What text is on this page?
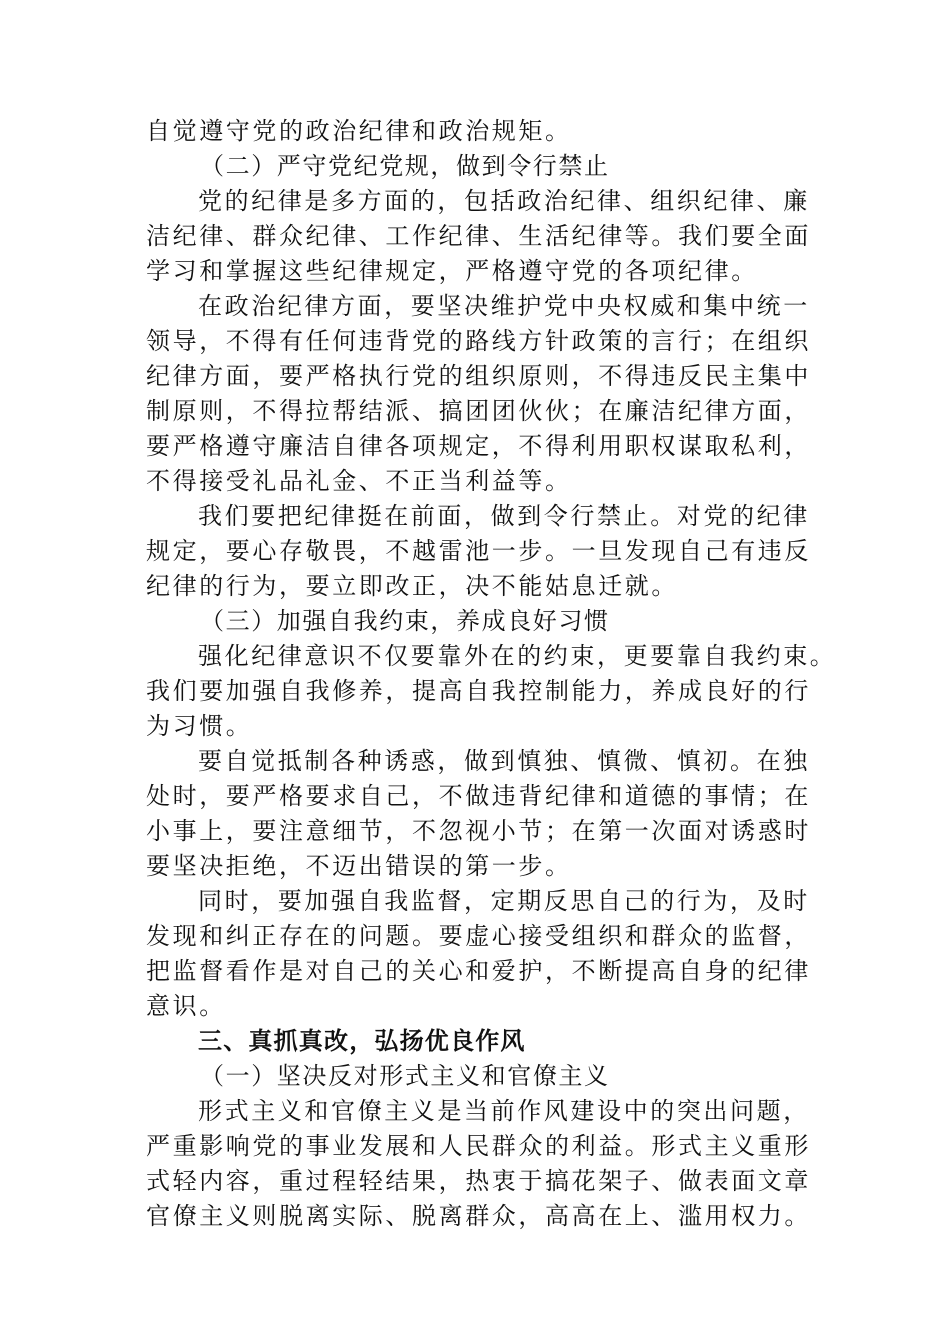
自觉遵守党的政治纪律和政治规矩。
（二）严守党纪党规，做到令行禁止
党的纪律是多方面的，包括政治纪律、组织纪律、廉
洁纪律、群众纪律、工作纪律、生活纪律等。我们要全面
学习和掌握这些纪律规定，严格遵守党的各项纪律。
在政治纪律方面，要坚决维护党中央权威和集中统一
领导，不得有任何违背党的路线方针政策的言行；在组织
纪律方面，要严格执行党的组织原则，不得违反民主集中
制原则，不得拉帮结派、搞团团伙伙；在廉洁纪律方面，
要严格遵守廉洁自律各项规定，不得利用职权谋取私利，
不得接受礼品礼金、不正当利益等。
我们要把纪律挺在前面，做到令行禁止。对党的纪律
规定，要心存敬畏，不越雷池一步。一旦发现自己有违反
纪律的行为，要立即改正，决不能姑息迁就。
（三）加强自我约束，养成良好习惯
强化纪律意识不仅要靠外在的约束，更要靠自我约束。
我们要加强自我修养，提高自我控制能力，养成良好的行
为习惯。
要自觉抵制各种诱惑，做到慎独、慎微、慎初。在独
处时，要严格要求自己，不做违背纪律和道德的事情；在
小事上，要注意细节，不忽视小节；在第一次面对诱惑时
要坚决拒绝，不迈出错误的第一步。
同时，要加强自我监督，定期反思自己的行为，及时
发现和纠正存在的问题。要虚心接受组织和群众的监督，
把监督看作是对自己的关心和爱护，不断提高自身的纪律
意识。
三、真抓真改，弘扬优良作风
（一）坚决反对形式主义和官僚主义
形式主义和官僚主义是当前作风建设中的突出问题，
严重影响党的事业发展和人民群众的利益。形式主义重形
式轻内容，重过程轻结果，热衷于搞花架子、做表面文章
官僚主义则脱离实际、脱离群众，高高在上、滥用权力。
